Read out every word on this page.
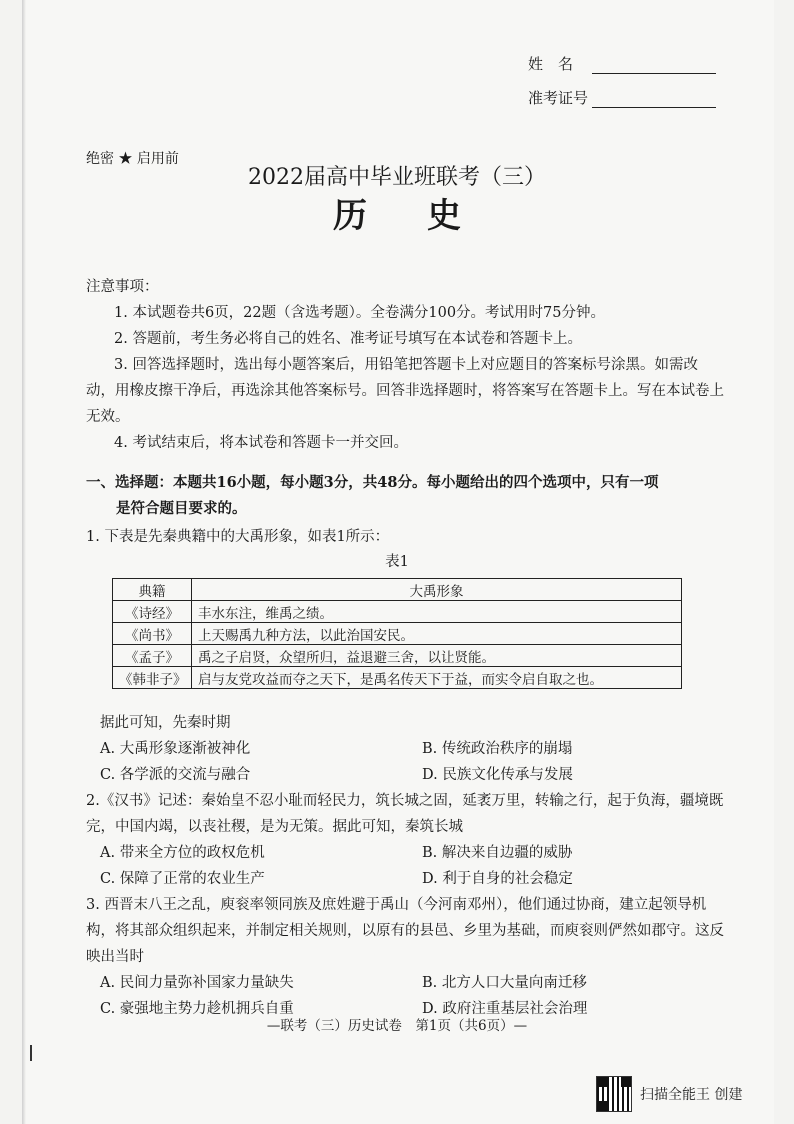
姓　名
准考证号
绝密 ★ 启用前
2022届高中毕业班联考（三）
历史

注意事项：

1. 本试题卷共6页，22题（含选考题）。全卷满分100分。考试用时75分钟。

2. 答题前，考生务必将自己的姓名、准考证号填写在本试卷和答题卡上。

3. 回答选择题时，选出每小题答案后，用铅笔把答题卡上对应题目的答案标号涂黑。如需改动，用橡皮擦干净后，再选涂其他答案标号。回答非选择题时，将答案写在答题卡上。写在本试卷上无效。

4. 考试结束后，将本试卷和答题卡一并交回。

一、选择题：本题共16小题，每小题3分，共48分。每小题给出的四个选项中，只有一项
是符合题目要求的。

1. 下表是先秦典籍中的大禹形象，如表1所示：

表1
典籍	大禹形象
《诗经》	丰水东注，维禹之绩。
《尚书》	上天赐禹九种方法，以此治国安民。
《孟子》	禹之子启贤，众望所归，益退避三舍，以让贤能。
《韩非子》	启与友党攻益而夺之天下，是禹名传天下于益，而实令启自取之也。

据此可知，先秦时期

A. 大禹形象逐渐被神化	B. 传统政治秩序的崩塌
C. 各学派的交流与融合	D. 民族文化传承与发展

2.《汉书》记述：秦始皇不忍小耻而轻民力，筑长城之固，延袤万里，转输之行，起于负海，疆境既完，中国内竭，以丧社稷，是为无策。据此可知，秦筑长城

A. 带来全方位的政权危机	B. 解决来自边疆的威胁
C. 保障了正常的农业生产	D. 利于自身的社会稳定

3. 西晋末八王之乱，庾衮率领同族及庶姓避于禹山（今河南邓州），他们通过协商，建立起领导机构，将其部众组织起来，并制定相关规则，以原有的县邑、乡里为基础，而庾衮则俨然如郡守。这反映出当时

A. 民间力量弥补国家力量缺失	B. 北方人口大量向南迁移
C. 豪强地主势力趁机拥兵自重	D. 政府注重基层社会治理
—联考（三）历史试卷　第1页（共6页）—
扫描全能王 创建
